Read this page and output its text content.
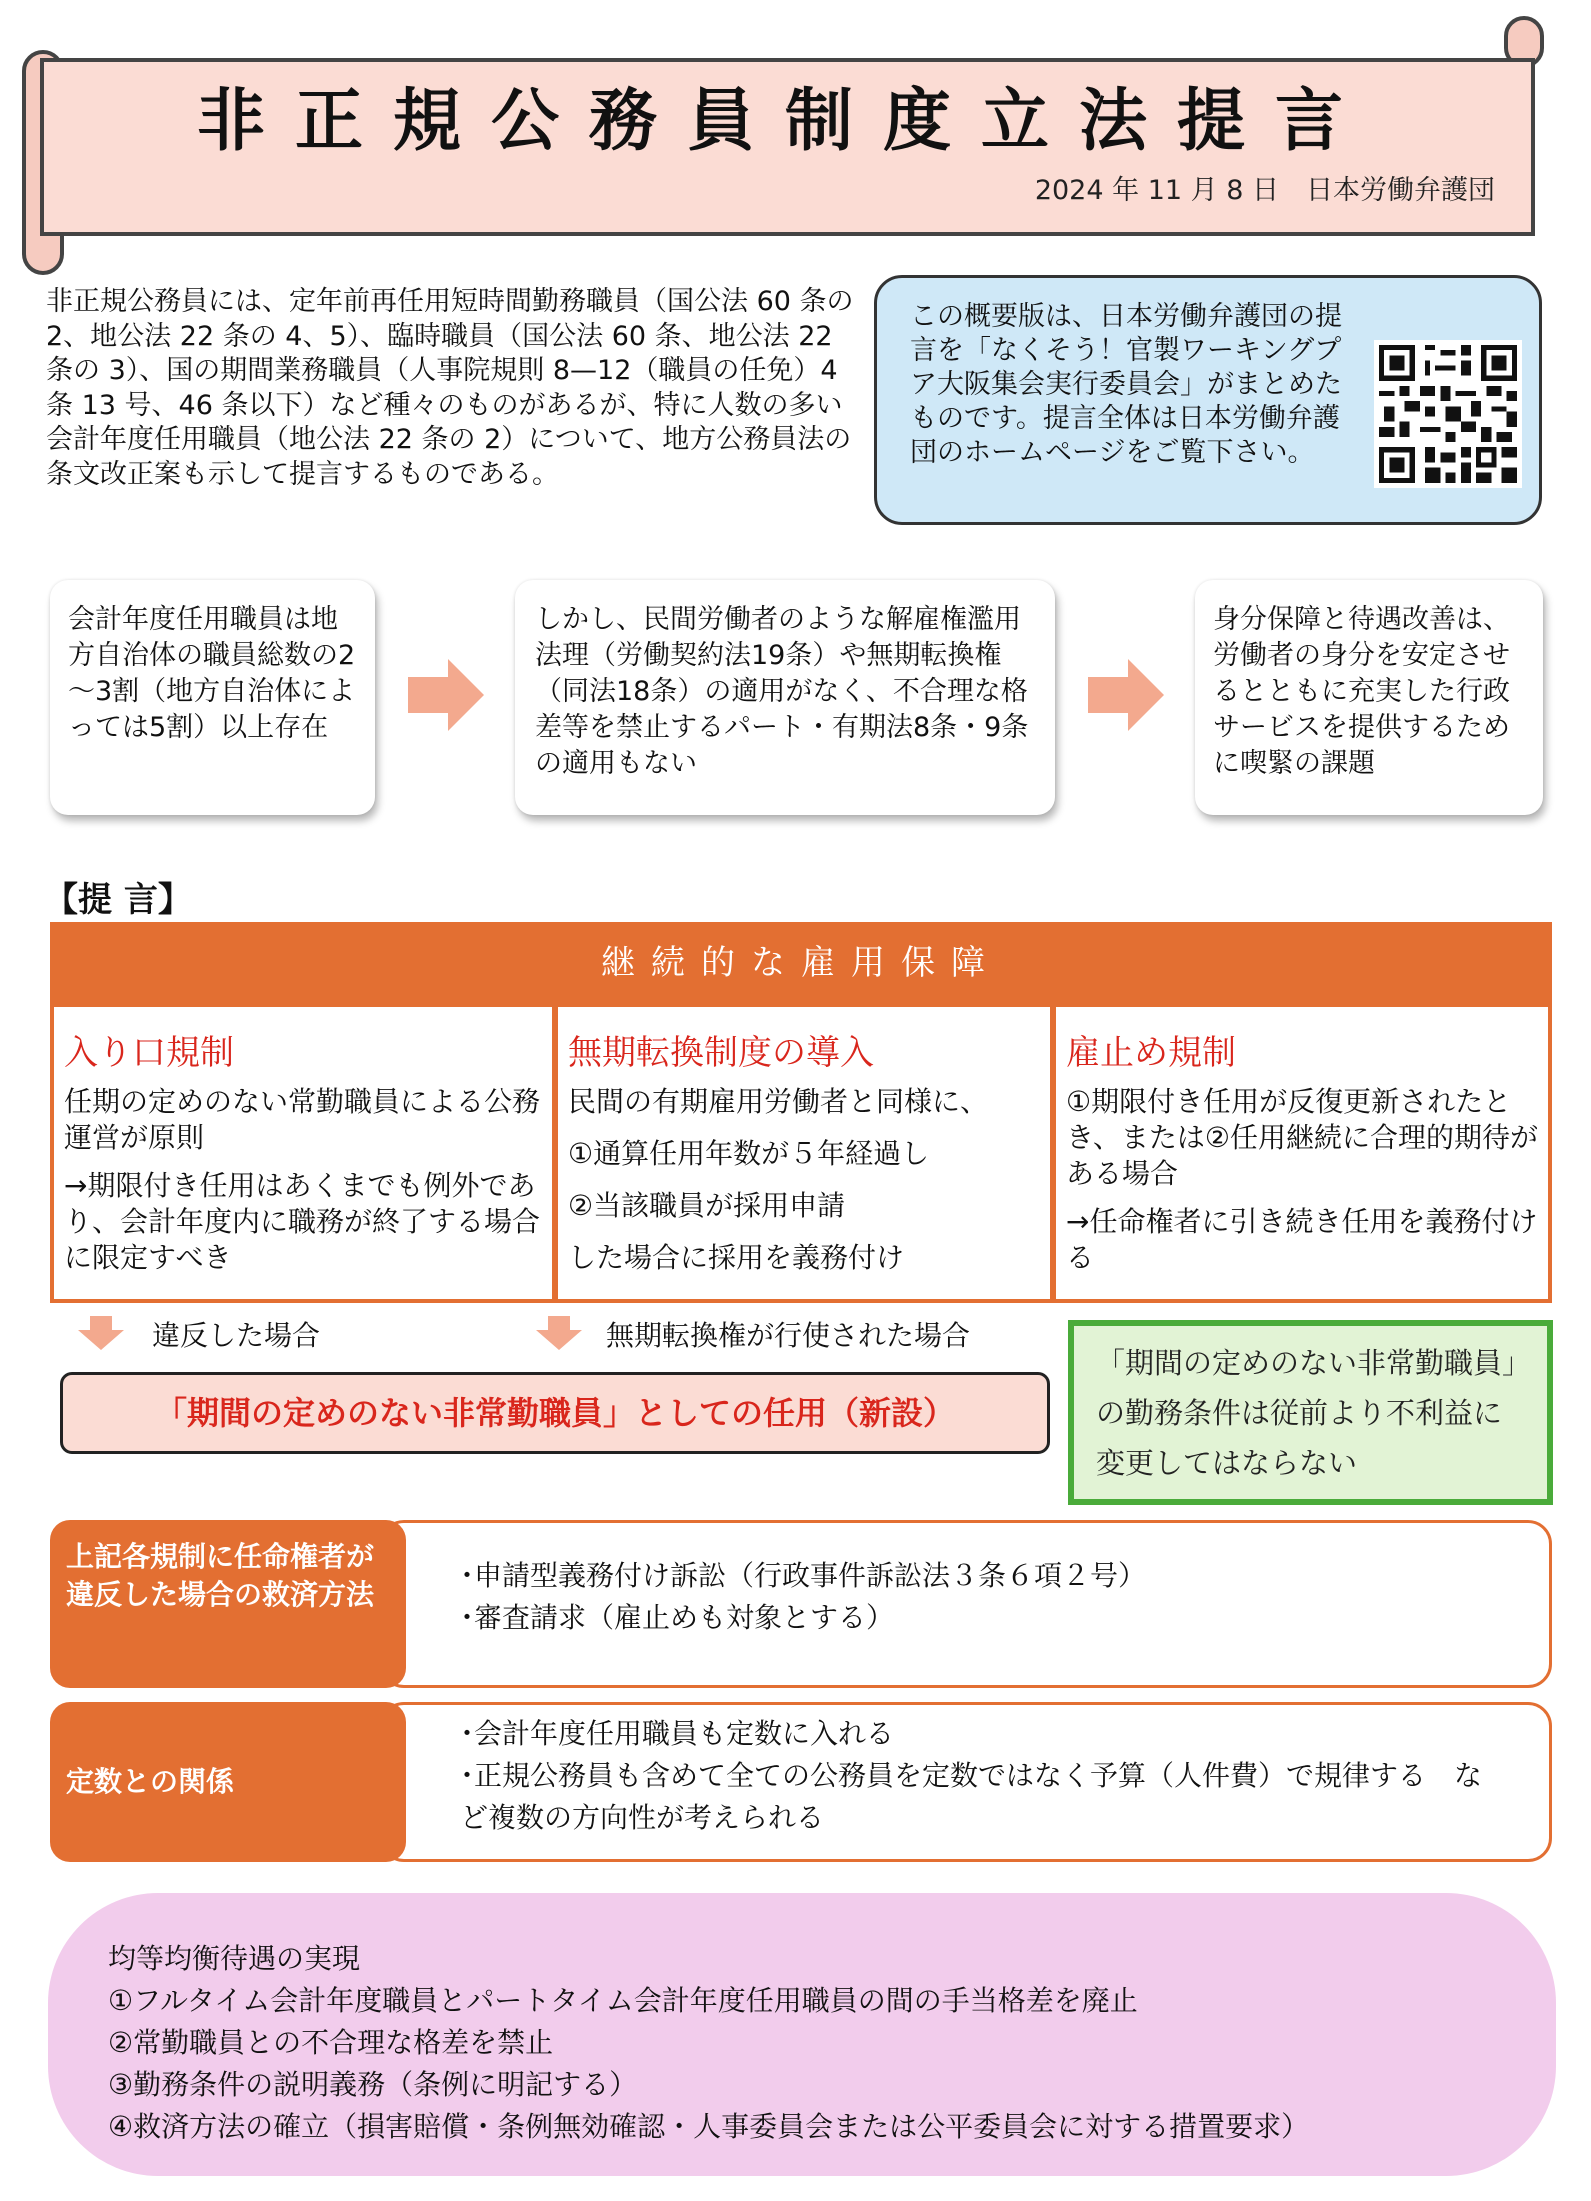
非正規公務員制度立法提言
2024 年 11 月 8 日　日本労働弁護団
非正規公務員には、定年前再任用短時間勤務職員（国公法 60 条の 2、地公法 22 条の 4、5）、臨時職員（国公法 60 条、地公法 22 条の 3）、国の期間業務職員（人事院規則 8—12（職員の任免）4 条 13 号、46 条以下）など種々のものがあるが、特に人数の多い会計年度任用職員（地公法 22 条の 2）について、地方公務員法の条文改正案も示して提言するものである。
この概要版は、日本労働弁護団の提言を「なくそう！官製ワーキングプア大阪集会実行委員会」がまとめたものです。提言全体は日本労働弁護団のホームページをご覧下さい。
会計年度任用職員は地方自治体の職員総数の2～3割（地方自治体によっては5割）以上存在
しかし、民間労働者のような解雇権濫用法理（労働契約法19条）や無期転換権（同法18条）の適用がなく、不合理な格差等を禁止するパート・有期法8条・9条の適用もない
身分保障と待遇改善は、労働者の身分を安定させるとともに充実した行政サービスを提供するために喫緊の課題
【提 言】
継続的な雇用保障
入り口規制

任期の定めのない常勤職員による公務運営が原則

→期限付き任用はあくまでも例外であり、会計年度内に職務が終了する場合に限定すべき

無期転換制度の導入

民間の有期雇用労働者と同様に、

①通算任用年数が５年経過し

②当該職員が採用申請

した場合に採用を義務付け

雇止め規制

①期限付き任用が反復更新されたとき、または②任用継続に合理的期待がある場合

→任命権者に引き続き任用を義務付ける

違反した場合	無期転換権が行使された場合
「期間の定めのない非常勤職員」としての任用（新設）
「期間の定めのない非常勤職員」の勤務条件は従前より不利益に変更してはならない
上記各規制に任命権者が違反した場合の救済方法
･申請型義務付け訴訟（行政事件訴訟法３条６項２号）
･審査請求（雇止めも対象とする）
定数との関係
･会計年度任用職員も定数に入れる
･正規公務員も含めて全ての公務員を定数ではなく予算（人件費）で規律する　など複数の方向性が考えられる
均等均衡待遇の実現
①フルタイム会計年度職員とパートタイム会計年度任用職員の間の手当格差を廃止
②常勤職員との不合理な格差を禁止
③勤務条件の説明義務（条例に明記する）
④救済方法の確立（損害賠償・条例無効確認・人事委員会または公平委員会に対する措置要求）
